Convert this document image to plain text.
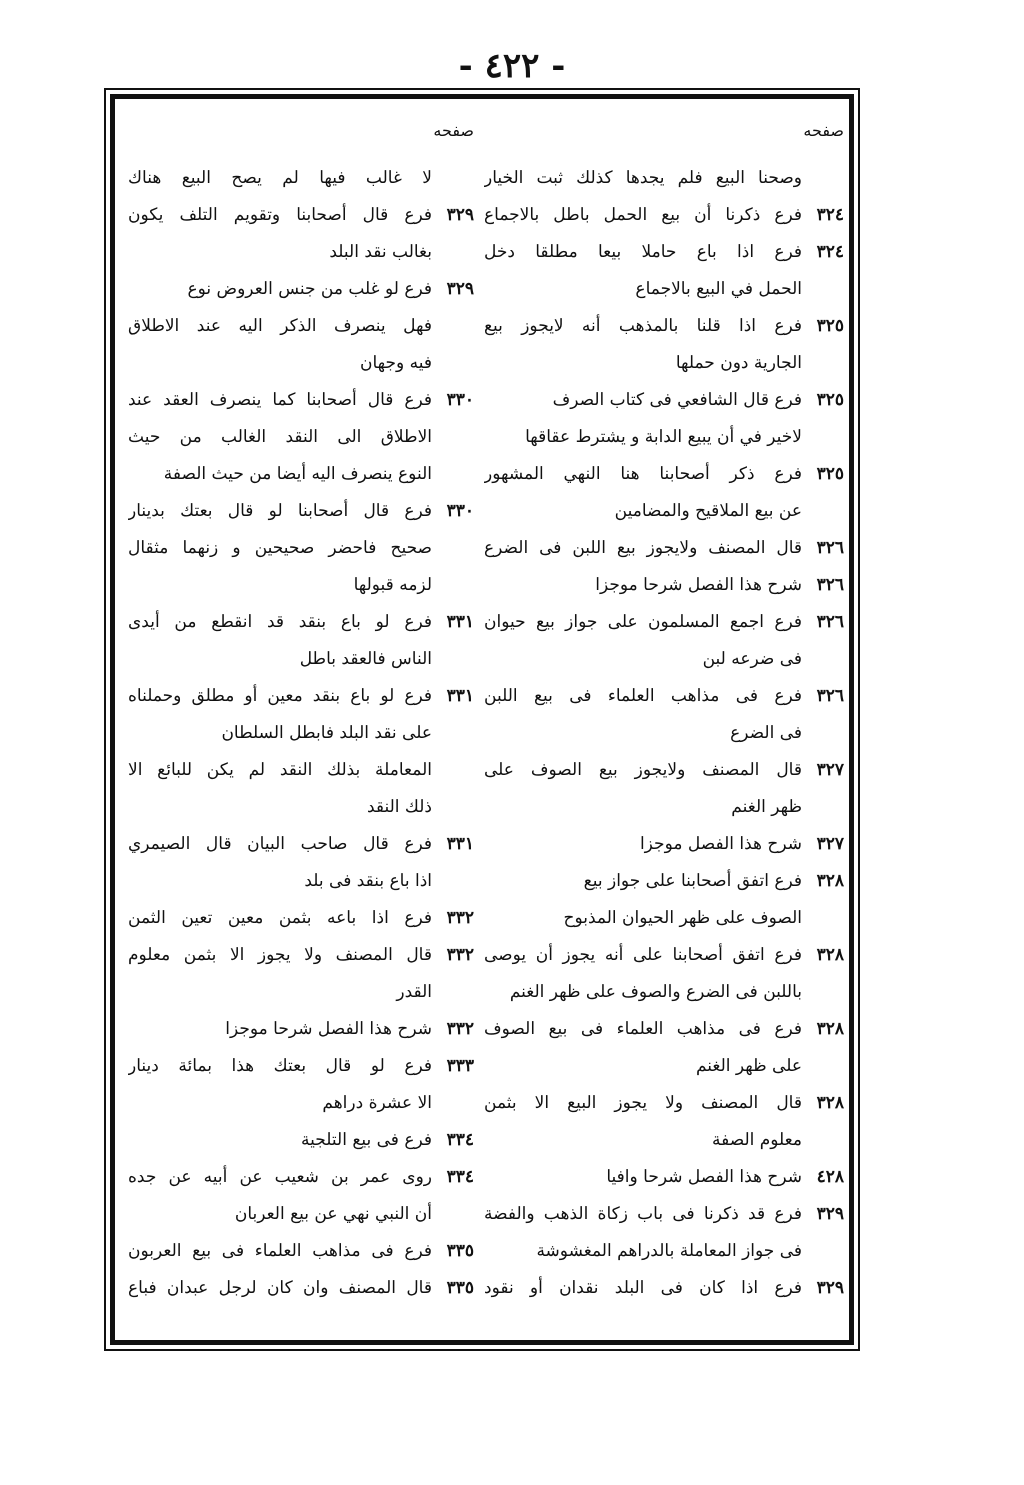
- ٤٢٢ -
صفحه
وصحنا البيع فلم يجدها كذلك ثبت الخيار
٣٢٤
فرع ذكرنا أن بيع الحمل باطل بالاجماع
٣٢٤
فرع اذا باع حاملا بيعا مطلقا دخل
الحمل في البيع بالاجماع
٣٢٥
فرع اذا قلنا بالمذهب أنه لايجوز بيع
الجارية دون حملها
٣٢٥
فرع قال الشافعي فى كتاب الصرف
لاخير في أن يبيع الدابة و يشترط عقاقها
٣٢٥
فرع ذكر أصحابنا هنا النهي المشهور
عن بيع الملاقيح والمضامين
٣٢٦
قال المصنف ولايجوز بيع اللبن فى الضرع
٣٢٦
شرح هذا الفصل شرحا موجزا
٣٢٦
فرع اجمع المسلمون على جواز بيع حيوان
فى ضرعه لبن
٣٢٦
فرع فى مذاهب العلماء فى بيع اللبن
فى الضرع
٣٢٧
قال المصنف ولايجوز بيع الصوف على
ظهر الغنم
٣٢٧
شرح هذا الفصل موجزا
٣٢٨
فرع اتفق أصحابنا على جواز بيع
الصوف على ظهر الحيوان المذبوح
٣٢٨
فرع اتفق أصحابنا على أنه يجوز أن يوصى
باللبن فى الضرع والصوف على ظهر الغنم
٣٢٨
فرع فى مذاهب العلماء فى بيع الصوف
على ظهر الغنم
٣٢٨
قال المصنف ولا يجوز البيع الا بثمن
معلوم الصفة
٤٢٨
شرح هذا الفصل شرحا وافيا
٣٢٩
فرع قد ذكرنا فى باب زكاة الذهب والفضة
فى جواز المعاملة بالدراهم المغشوشة
٣٢٩
فرع اذا كان فى البلد نقدان أو نقود
صفحه
لا غالب فيها لم يصح البيع هناك
٣٢٩
فرع قال أصحابنا وتقويم التلف يكون
بغالب نقد البلد
٣٢٩
فرع لو غلب من جنس العروض نوع
فهل ينصرف الذكر اليه عند الاطلاق
فيه وجهان
٣٣٠
فرع قال أصحابنا كما ينصرف العقد عند
الاطلاق الى النقد الغالب من حيث
النوع ينصرف اليه أيضا من حيث الصفة
٣٣٠
فرع قال أصحابنا لو قال بعتك بدينار
صحيح فاحضر صحيحين و زنهما مثقال
لزمه قبولها
٣٣١
فرع لو باع بنقد قد انقطع من أيدى
الناس فالعقد باطل
٣٣١
فرع لو باع بنقد معين أو مطلق وحملناه
على نقد البلد فابطل السلطان
المعاملة بذلك النقد لم يكن للبائع الا
ذلك النقد
٣٣١
فرع قال صاحب البيان قال الصيمري
اذا باع بنقد فى بلد
٣٣٢
فرع اذا باعه بثمن معين تعين الثمن
٣٣٢
قال المصنف ولا يجوز الا بثمن معلوم
القدر
٣٣٢
شرح هذا الفصل شرحا موجزا
٣٣٣
فرع لو قال بعتك هذا بمائة دينار
الا عشرة دراهم
٣٣٤
فرع فى بيع التلجية
٣٣٤
روى عمر بن شعيب عن أبيه عن جده
أن النبي نهي عن بيع العربان
٣٣٥
فرع فى مذاهب العلماء فى بيع العربون
٣٣٥
قال المصنف وان كان لرجل عبدان فباع
